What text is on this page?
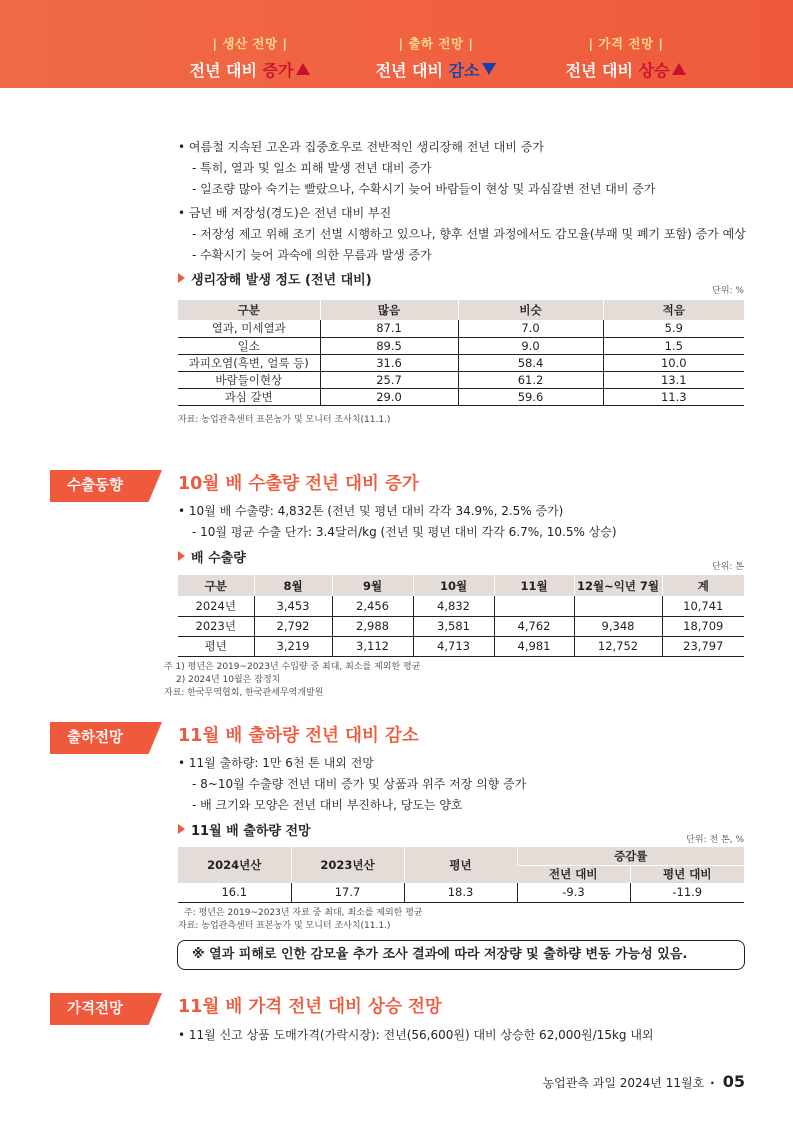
| 생산 전망 |
전년 대비 증가
| 출하 전망 |
전년 대비 감소
| 가격 전망 |
전년 대비 상승
• 여름철 지속된 고온과 집중호우로 전반적인 생리장해 전년 대비 증가
- 특히, 열과 및 일소 피해 발생 전년 대비 증가
- 일조량 많아 숙기는 빨랐으나, 수확시기 늦어 바람들이 현상 및 과심갈변 전년 대비 증가
• 금년 배 저장성(경도)은 전년 대비 부진
- 저장성 제고 위해 조기 선별 시행하고 있으나, 향후 선별 과정에서도 감모율(부패 및 폐기 포함) 증가 예상
- 수확시기 늦어 과숙에 의한 무름과 발생 증가
생리장해 발생 정도 (전년 대비)
단위: %
구분	많음	비슷	적음
열과, 미세열과	87.1	7.0	5.9
일소	89.5	9.0	1.5
과피오염(흑변, 얼룩 등)	31.6	58.4	10.0
바람들이현상	25.7	61.2	13.1
과심 갈변	29.0	59.6	11.3
자료: 농업관측센터 표본농가 및 모니터 조사치(11.1.)
수출동향	10월 배 수출량 전년 대비 증가
• 10월 배 수출량: 4,832톤 (전년 및 평년 대비 각각 34.9%, 2.5% 증가)
- 10월 평균 수출 단가: 3.4달러/kg (전년 및 평년 대비 각각 6.7%, 10.5% 상승)
배 수출량
단위: 톤
구분	8월	9월	10월	11월	12월~익년 7월	계
2024년	3,453	2,456	4,832			10,741
2023년	2,792	2,988	3,581	4,762	9,348	18,709
평년	3,219	3,112	4,713	4,981	12,752	23,797
주 1) 평년은 2019~2023년 수입량 중 최대, 최소를 제외한 평균
2) 2024년 10월은 잠정치
자료: 한국무역협회, 한국관세무역개발원
출하전망	11월 배 출하량 전년 대비 감소
• 11월 출하량: 1만 6천 톤 내외 전망
- 8~10월 수출량 전년 대비 증가 및 상품과 위주 저장 의향 증가
- 배 크기와 모양은 전년 대비 부진하나, 당도는 양호
11월 배 출하량 전망
단위: 천 톤, %
2024년산	2023년산	평년	증감률	
			전년 대비	평년 대비
16.1	17.7	18.3	-9.3	-11.9
주: 평년은 2019~2023년 자료 중 최대, 최소를 제외한 평균
자료: 농업관측센터 표본농가 및 모니터 조사치(11.1.)
※ 열과 피해로 인한 감모율 추가 조사 결과에 따라 저장량 및 출하량 변동 가능성 있음.
가격전망	11월 배 가격 전년 대비 상승 전망
• 11월 신고 상품 도매가격(가락시장): 전년(56,600원) 대비 상승한 62,000원/15kg 내외
농업관측 과일 2024년 11월호 · 05
